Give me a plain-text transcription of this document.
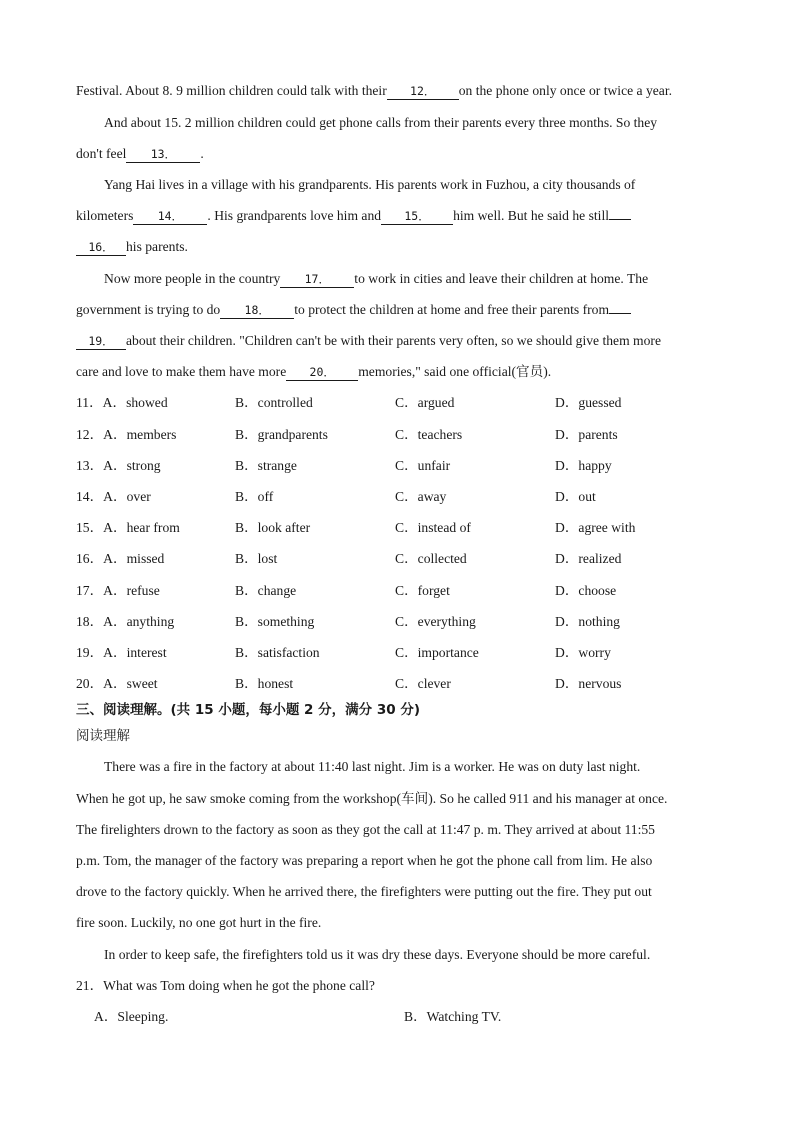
Festival. About 8. 9 million children could talk with their 12． on the phone only once or twice a year.
And about 15. 2 million children could get phone calls from their parents every three months. So they
don't feel 13． .
Yang Hai lives in a village with his grandparents. His parents work in Fuzhou, a city thousands of
kilometers 14． . His grandparents love him and 15． him well. But he said he still
16． his parents.
Now more people in the country 17． to work in cities and leave their children at home. The
government is trying to do 18． to protect the children at home and free their parents from
19． about their children. "Children can't be with their parents very often, so we should give them more
care and love to make them have more 20． memories," said one official(官员).
11．A．showed	B．controlled	C．argued	D．guessed
12．A．members	B．grandparents	C．teachers	D．parents
13．A．strong	B．strange	C．unfair	D．happy
14．A．over	B．off	C．away	D．out
15．A．hear from	B．look after	C．instead of	D．agree with
16．A．missed	B．lost	C．collected	D．realized
17．A．refuse	B．change	C．forget	D．choose
18．A．anything	B．something	C．everything	D．nothing
19．A．interest	B．satisfaction	C．importance	D．worry
20．A．sweet	B．honest	C．clever	D．nervous
三、阅读理解。(共 15 小题，每小题 2 分，满分 30 分)
阅读理解
There was a fire in the factory at about 11:40 last night. Jim is a worker. He was on duty last night.
When he got up, he saw smoke coming from the workshop(车间). So he called 911 and his manager at once.
The firelighters drown to the factory as soon as they got the call at 11:47 p. m. They arrived at about 11:55
p.m. Tom, the manager of the factory was preparing a report when he got the phone call from lim. He also
drove to the factory quickly. When he arrived there, the firefighters were putting out the fire. They put out
fire soon. Luckily, no one got hurt in the fire.
In order to keep safe, the firefighters told us it was dry these days. Everyone should be more careful.
21．What was Tom doing when he got the phone call?
A．Sleeping.	B．Watching TV.
